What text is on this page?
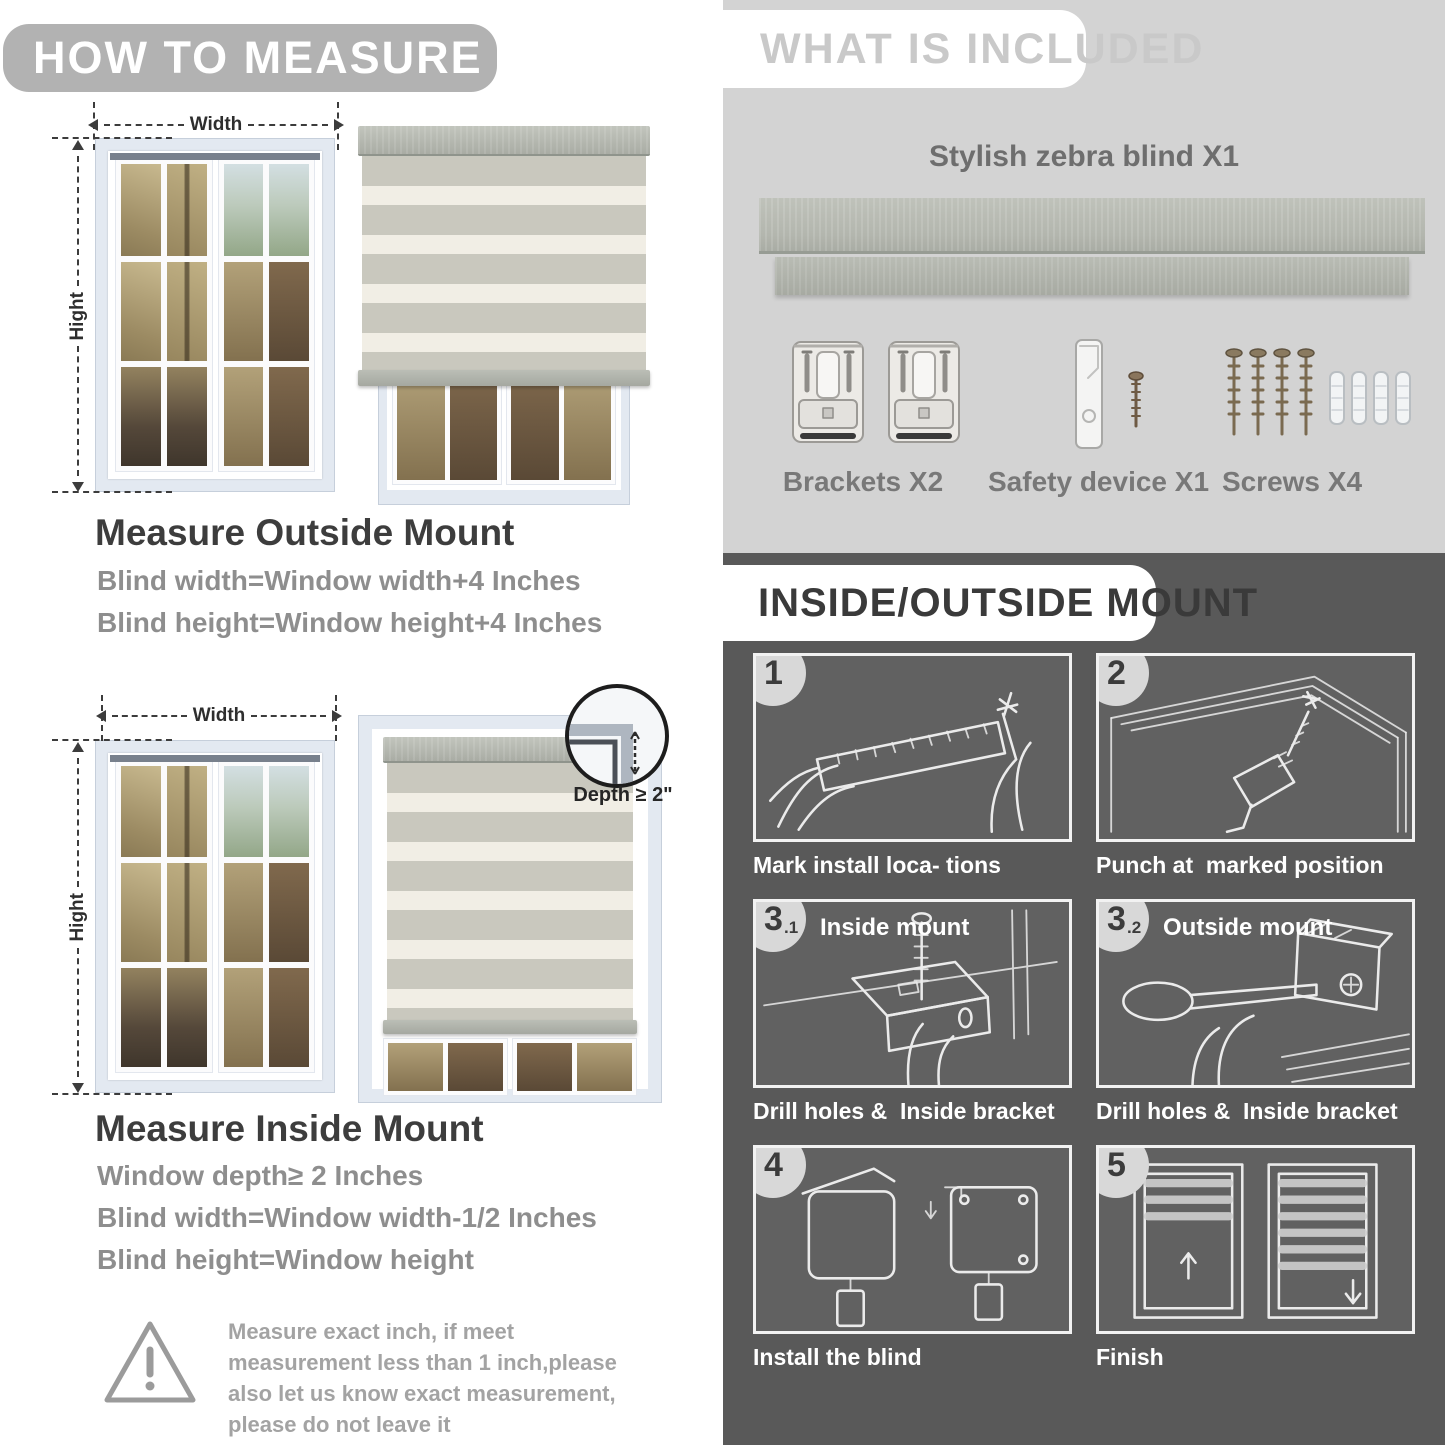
HOW TO MEASURE
Width
Hight
Measure Outside Mount
Blind width=Window width+4 Inches
Blind height=Window height+4 Inches
Width
Hight
Depth ≥ 2"
Measure Inside Mount
Window depth≥ 2 Inches
Blind width=Window width-1/2 Inches
Blind height=Window height
Measure exact inch, if meet measurement less than 1 inch,please also let us know exact measurement, please do not leave it
WHAT IS INCLUDED
Stylish zebra blind X1
Brackets X2	Safety device X1 Screws X4
INSIDE/OUTSIDE MOUNT
1
Mark install loca- tions
2
Punch at  marked position
3 .1 Inside mount
Drill holes &  Inside bracket
3 .2 Outside mount
Drill holes &  Inside bracket
4
Install the blind
5
Finish
